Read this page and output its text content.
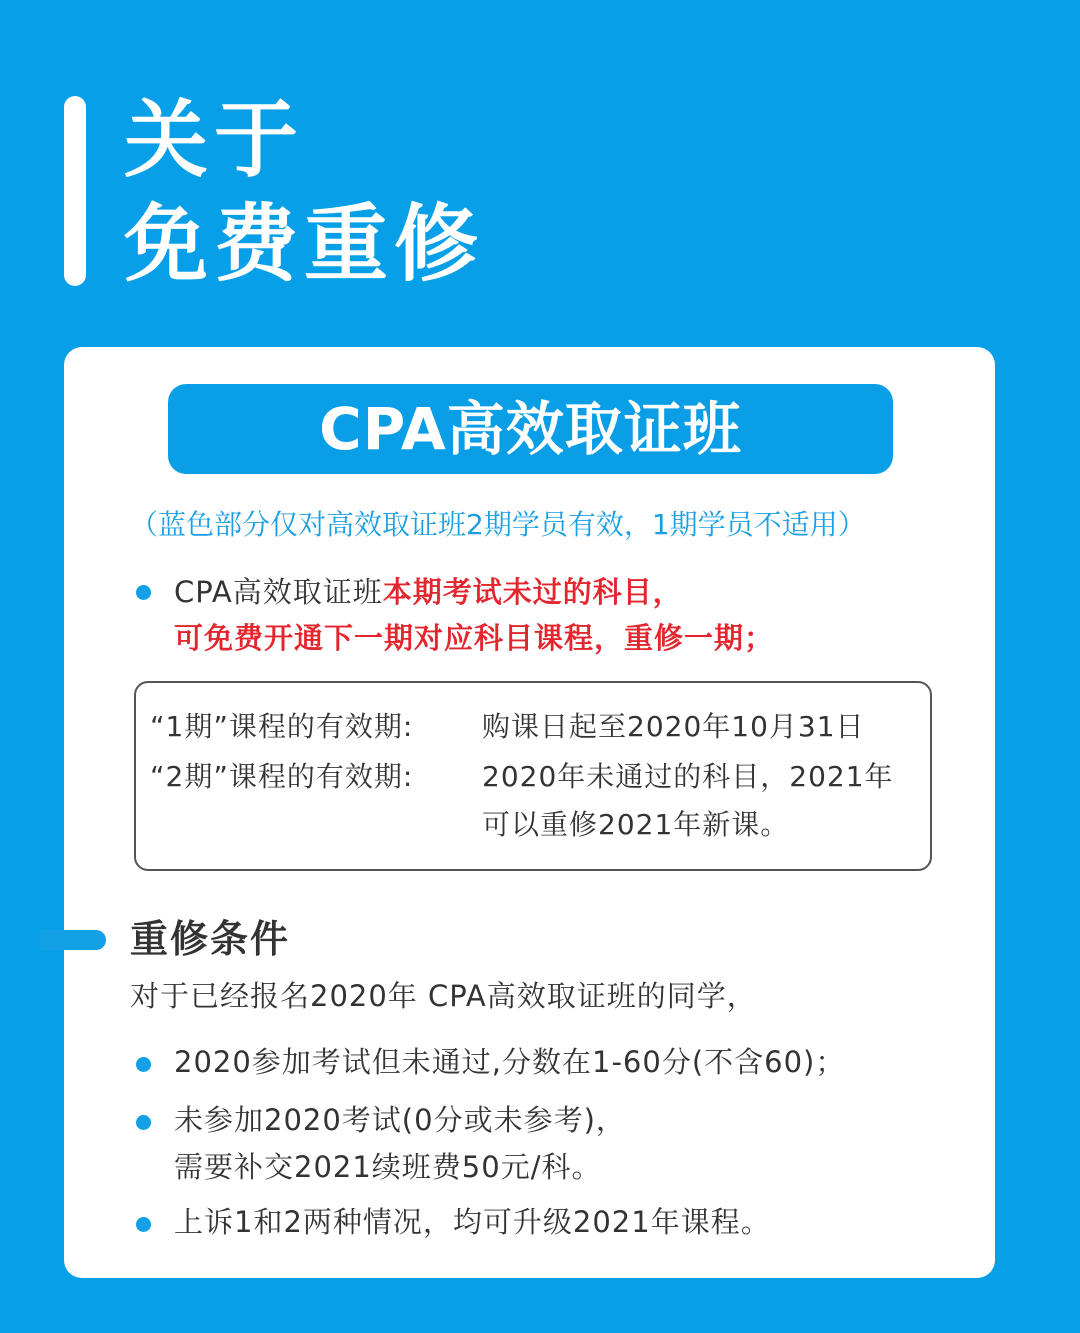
关于
免费重修
CPA高效取证班
（蓝色部分仅对高效取证班2期学员有效，1期学员不适用）
CPA高效取证班本期考试未过的科目，
可免费开通下一期对应科目课程，重修一期；
“1期”课程的有效期: 购课日起至2020年10月31日
“2期”课程的有效期: 2020年未通过的科目，2021年
可以重修2021年新课。
重修条件
对于已经报名2020年 CPA高效取证班的同学，
2020参加考试但未通过,分数在1-60分(不含60)；
未参加2020考试(0分或未参考)，
需要补交2021续班费50元/科。
上诉1和2两种情况，均可升级2021年课程。
